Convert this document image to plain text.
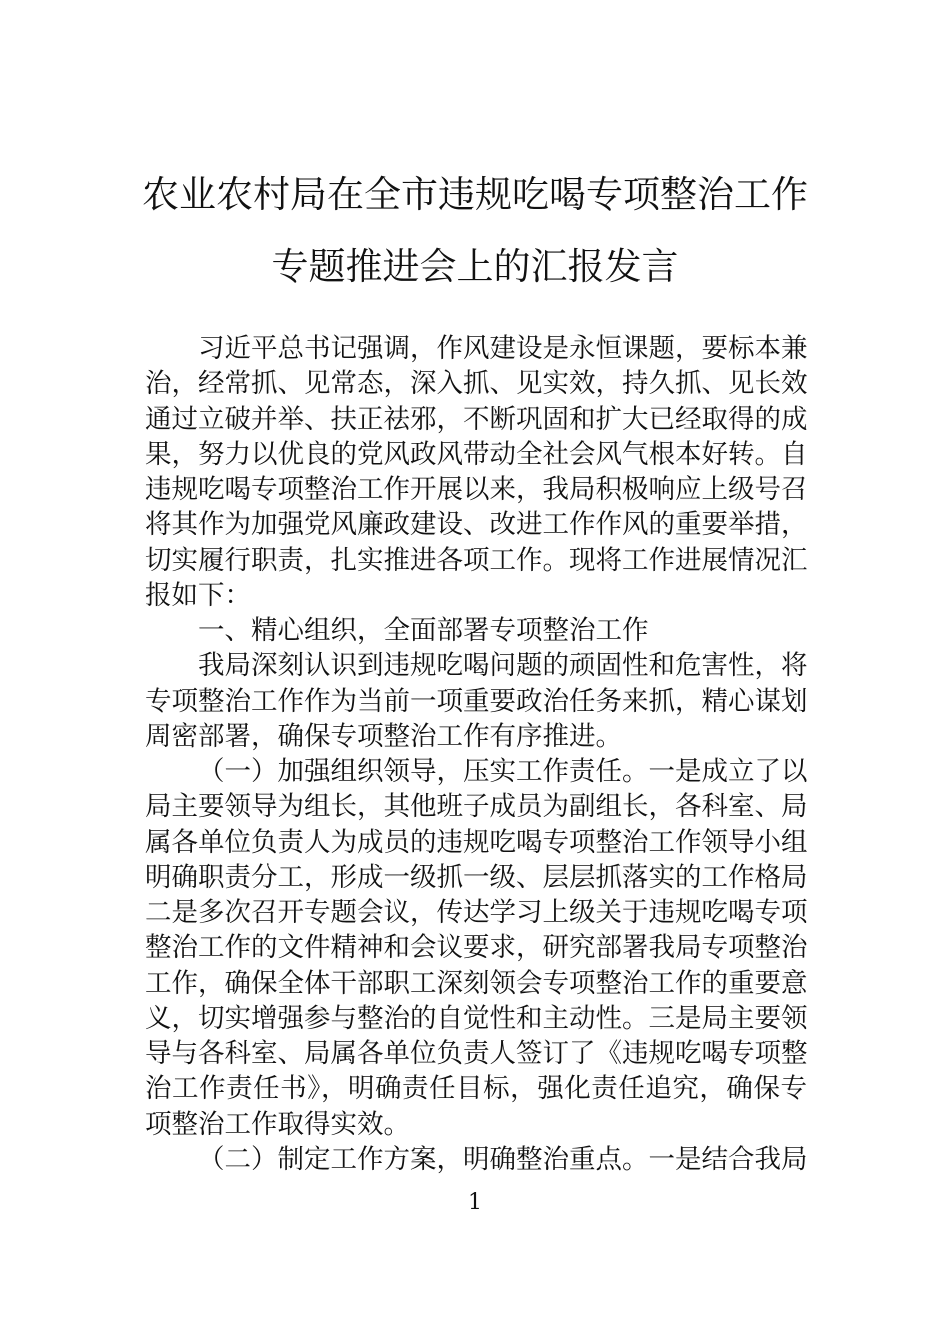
农业农村局在全市违规吃喝专项整治工作
专题推进会上的汇报发言
习近平总书记强调，作风建设是永恒课题，要标本兼
治，经常抓、见常态，深入抓、见实效，持久抓、见长效
通过立破并举、扶正祛邪，不断巩固和扩大已经取得的成
果，努力以优良的党风政风带动全社会风气根本好转。自
违规吃喝专项整治工作开展以来，我局积极响应上级号召
将其作为加强党风廉政建设、改进工作作风的重要举措，
切实履行职责，扎实推进各项工作。现将工作进展情况汇
报如下：
一、精心组织，全面部署专项整治工作
我局深刻认识到违规吃喝问题的顽固性和危害性，将
专项整治工作作为当前一项重要政治任务来抓，精心谋划
周密部署，确保专项整治工作有序推进。
（一）加强组织领导，压实工作责任。一是成立了以
局主要领导为组长，其他班子成员为副组长，各科室、局
属各单位负责人为成员的违规吃喝专项整治工作领导小组
明确职责分工，形成一级抓一级、层层抓落实的工作格局
二是多次召开专题会议，传达学习上级关于违规吃喝专项
整治工作的文件精神和会议要求，研究部署我局专项整治
工作，确保全体干部职工深刻领会专项整治工作的重要意
义，切实增强参与整治的自觉性和主动性。三是局主要领
导与各科室、局属各单位负责人签订了《违规吃喝专项整
治工作责任书》，明确责任目标，强化责任追究，确保专
项整治工作取得实效。
（二）制定工作方案，明确整治重点。一是结合我局
1
